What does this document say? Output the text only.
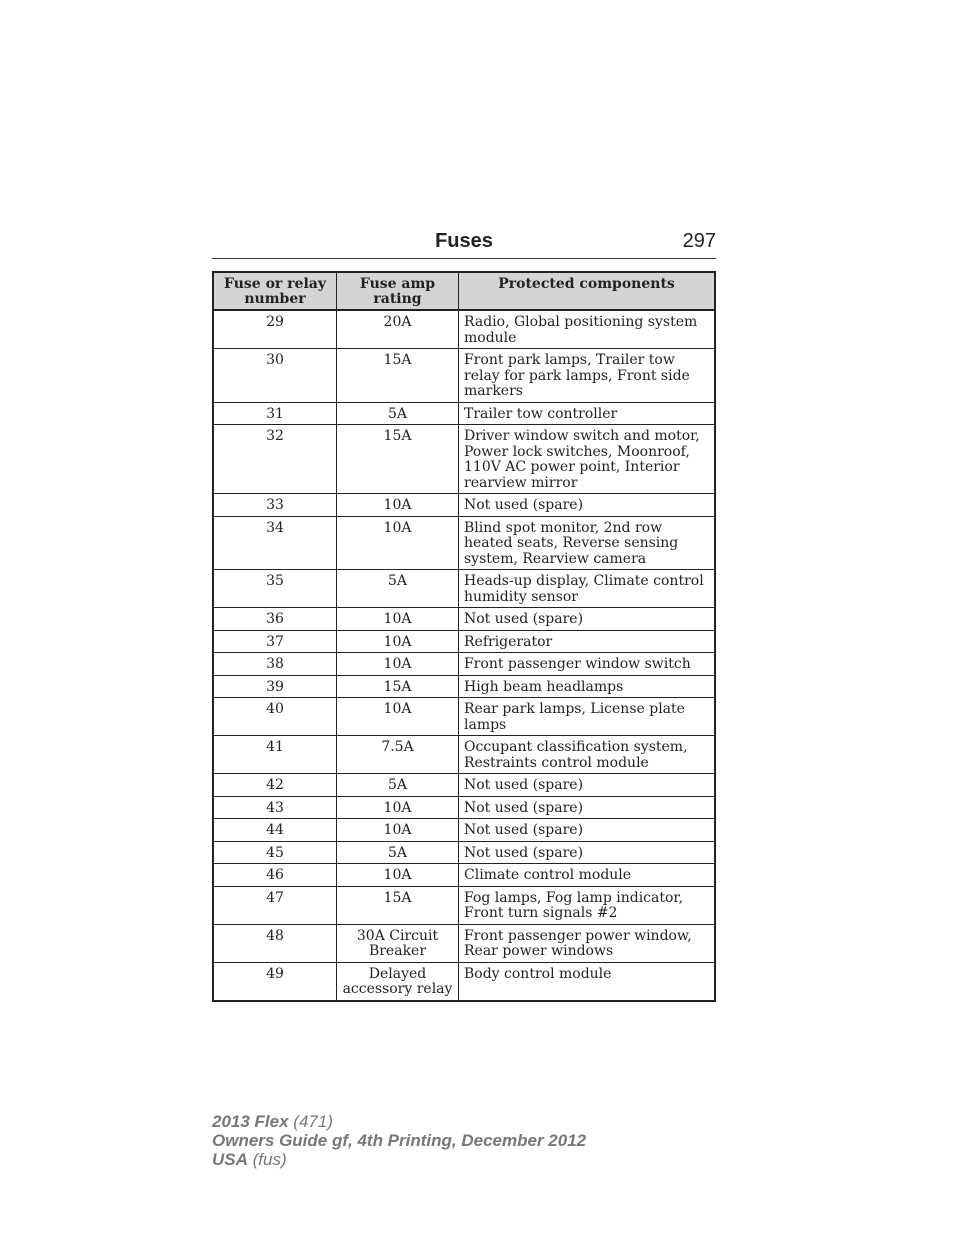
Fuses	297
Fuse or relay number	Fuse amp rating	Protected components
29	20A	Radio, Global positioning system module
30	15A	Front park lamps, Trailer tow relay for park lamps, Front side markers
31	5A	Trailer tow controller
32	15A	Driver window switch and motor, Power lock switches, Moonroof, 110V AC power point, Interior rearview mirror
33	10A	Not used (spare)
34	10A	Blind spot monitor, 2nd row heated seats, Reverse sensing system, Rearview camera
35	5A	Heads-up display, Climate control humidity sensor
36	10A	Not used (spare)
37	10A	Refrigerator
38	10A	Front passenger window switch
39	15A	High beam headlamps
40	10A	Rear park lamps, License plate lamps
41	7.5A	Occupant classification system, Restraints control module
42	5A	Not used (spare)
43	10A	Not used (spare)
44	10A	Not used (spare)
45	5A	Not used (spare)
46	10A	Climate control module
47	15A	Fog lamps, Fog lamp indicator, Front turn signals #2
48	30A Circuit Breaker	Front passenger power window, Rear power windows
49	Delayed accessory relay	Body control module
2013 Flex (471)
Owners Guide gf, 4th Printing, December 2012
USA (fus)
